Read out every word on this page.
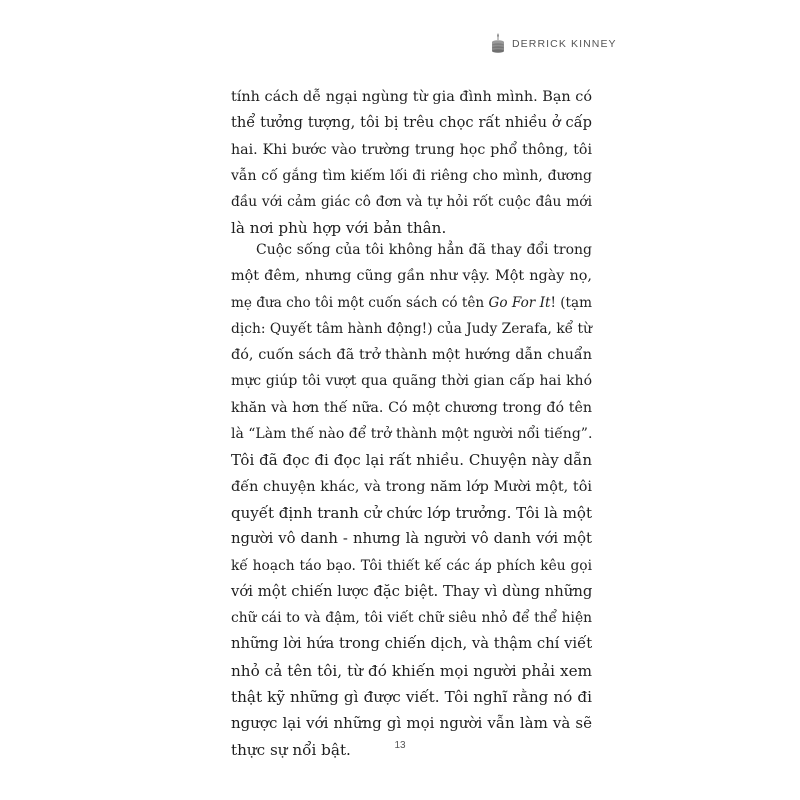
DERRICK KINNEY
tính cách dễ ngại ngùng từ gia đình mình. Bạn có
thể tưởng tượng, tôi bị trêu chọc rất nhiều ở cấp
hai. Khi bước vào trường trung học phổ thông, tôi
vẫn cố gắng tìm kiếm lối đi riêng cho mình, đương
đầu với cảm giác cô đơn và tự hỏi rốt cuộc đâu mới
là nơi phù hợp với bản thân.
Cuộc sống của tôi không hẳn đã thay đổi trong
một đêm, nhưng cũng gần như vậy. Một ngày nọ,
mẹ đưa cho tôi một cuốn sách có tên Go For It! (tạm
dịch: Quyết tâm hành động!) của Judy Zerafa, kể từ
đó, cuốn sách đã trở thành một hướng dẫn chuẩn
mực giúp tôi vượt qua quãng thời gian cấp hai khó
khăn và hơn thế nữa. Có một chương trong đó tên
là “Làm thế nào để trở thành một người nổi tiếng”.
Tôi đã đọc đi đọc lại rất nhiều. Chuyện này dẫn
đến chuyện khác, và trong năm lớp Mười một, tôi
quyết định tranh cử chức lớp trưởng. Tôi là một
người vô danh - nhưng là người vô danh với một
kế hoạch táo bạo. Tôi thiết kế các áp phích kêu gọi
với một chiến lược đặc biệt. Thay vì dùng những
chữ cái to và đậm, tôi viết chữ siêu nhỏ để thể hiện
những lời hứa trong chiến dịch, và thậm chí viết
nhỏ cả tên tôi, từ đó khiến mọi người phải xem
thật kỹ những gì được viết. Tôi nghĩ rằng nó đi
ngược lại với những gì mọi người vẫn làm và sẽ
thực sự nổi bật.	13
